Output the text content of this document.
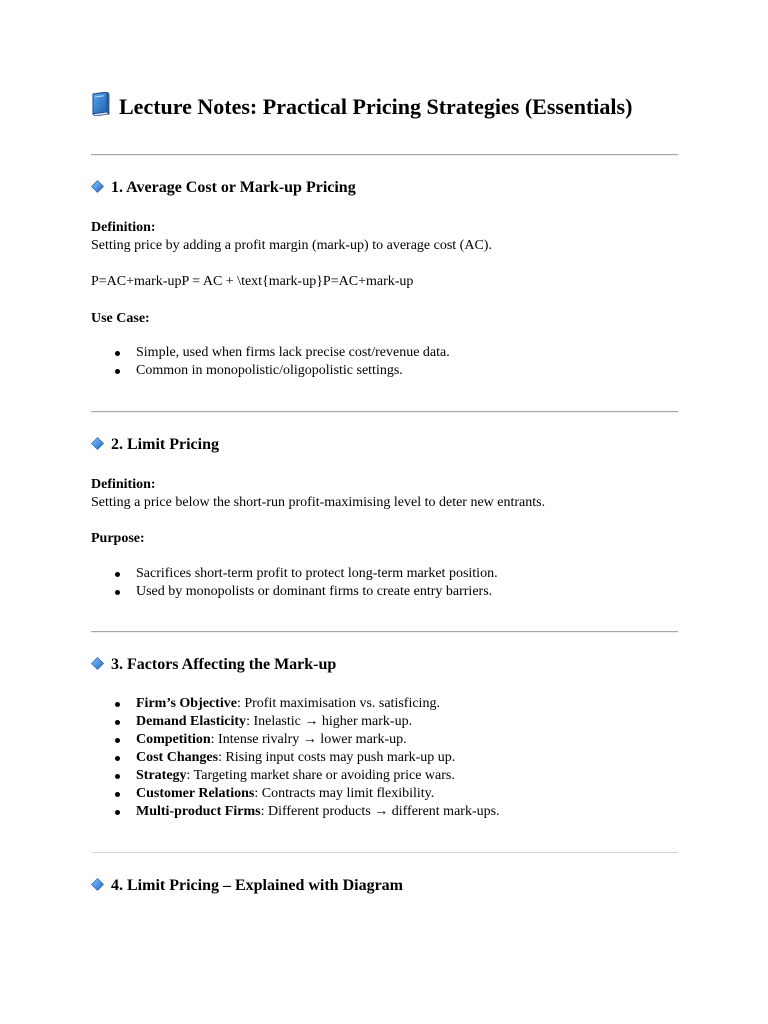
Lecture Notes: Practical Pricing Strategies (Essentials)
1. Average Cost or Mark-up Pricing
Definition:
Setting price by adding a profit margin (mark-up) to average cost (AC).
P=AC+mark-upP = AC + \text{mark-up}P=AC+mark-up
Use Case:
Simple, used when firms lack precise cost/revenue data.
Common in monopolistic/oligopolistic settings.
2. Limit Pricing
Definition:
Setting a price below the short-run profit-maximising level to deter new entrants.
Purpose:
Sacrifices short-term profit to protect long-term market position.
Used by monopolists or dominant firms to create entry barriers.
3. Factors Affecting the Mark-up
Firm’s Objective: Profit maximisation vs. satisficing.
Demand Elasticity: Inelastic → higher mark-up.
Competition: Intense rivalry → lower mark-up.
Cost Changes: Rising input costs may push mark-up up.
Strategy: Targeting market share or avoiding price wars.
Customer Relations: Contracts may limit flexibility.
Multi-product Firms: Different products → different mark-ups.
4. Limit Pricing – Explained with Diagram
